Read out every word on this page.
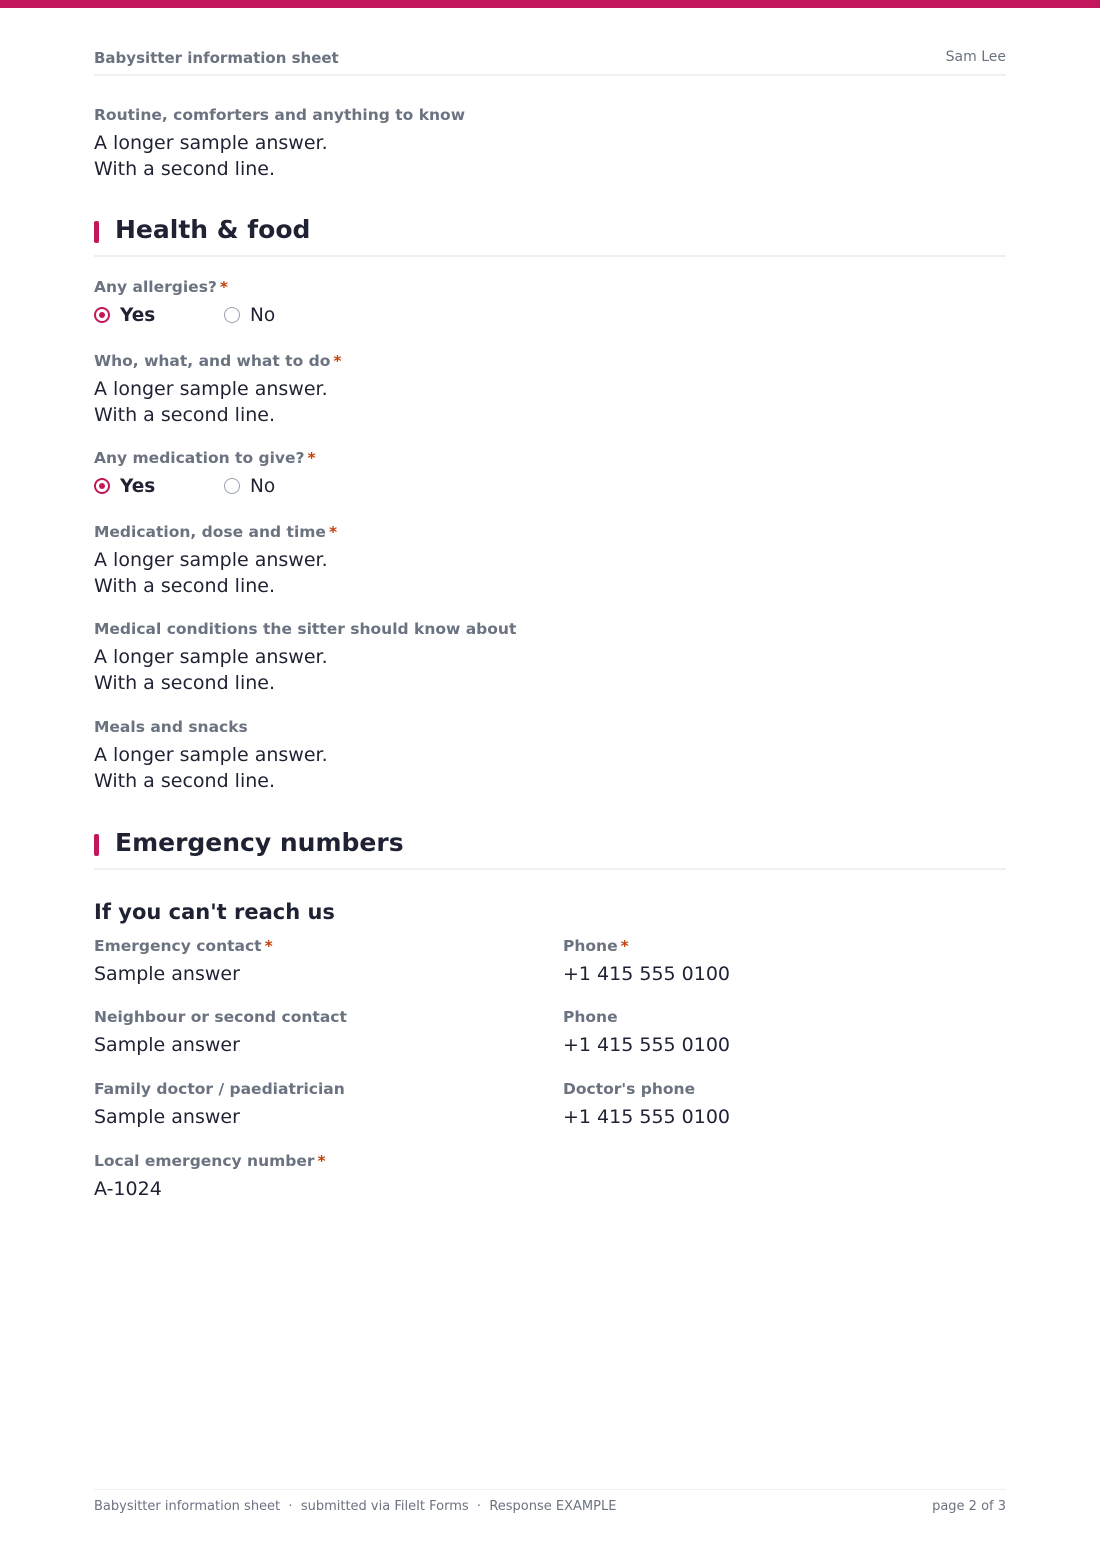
Babysitter information sheet	Sam Lee
Routine, comforters and anything to know
A longer sample answer.
With a second line.
Health & food
Any allergies? *
Yes	No
Who, what, and what to do *
A longer sample answer.
With a second line.
Any medication to give? *
Yes	No
Medication, dose and time *
A longer sample answer.
With a second line.
Medical conditions the sitter should know about
A longer sample answer.
With a second line.
Meals and snacks
A longer sample answer.
With a second line.
Emergency numbers
If you can't reach us
Emergency contact *
Sample answer
Phone *
+1 415 555 0100
Neighbour or second contact
Sample answer
Phone
+1 415 555 0100
Family doctor / paediatrician
Sample answer
Doctor's phone
+1 415 555 0100
Local emergency number *
A-1024
Babysitter information sheet  ·  submitted via FileIt Forms  ·  Response EXAMPLE	page 2 of 3
